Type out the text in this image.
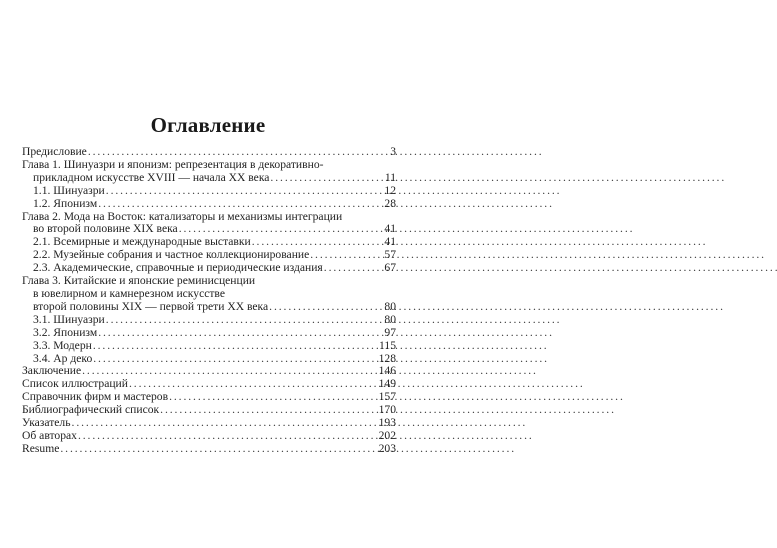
Оглавление
Предисловие . . .	3
Глава 1. Шинуазри и японизм: репрезентация в декоративно-
прикладном искусстве XVIII — начала XX века . . .	11
1.1. Шинуазри . . .	12
1.2. Японизм . . .	28
Глава 2. Мода на Восток: катализаторы и механизмы интеграции
во второй половине XIX века . . .	41
2.1. Всемирные и международные выставки . . .	41
2.2. Музейные собрания и частное коллекционирование . . .	57
2.3. Академические, справочные и периодические издания . . .	67
Глава 3. Китайские и японские реминисценции
в ювелирном и камнерезном искусстве
второй половины XIX — первой трети XX века . . .	80
3.1. Шинуазри . . .	80
3.2. Японизм . . .	97
3.3. Модерн . . .	115
3.4. Ар деко . . .	128
Заключение . . .	146
Список иллюстраций . . .	149
Справочник фирм и мастеров . . .	157
Библиографический список . . .	170
Указатель . . .	193
Об авторах . . .	202
Resume . . .	203
